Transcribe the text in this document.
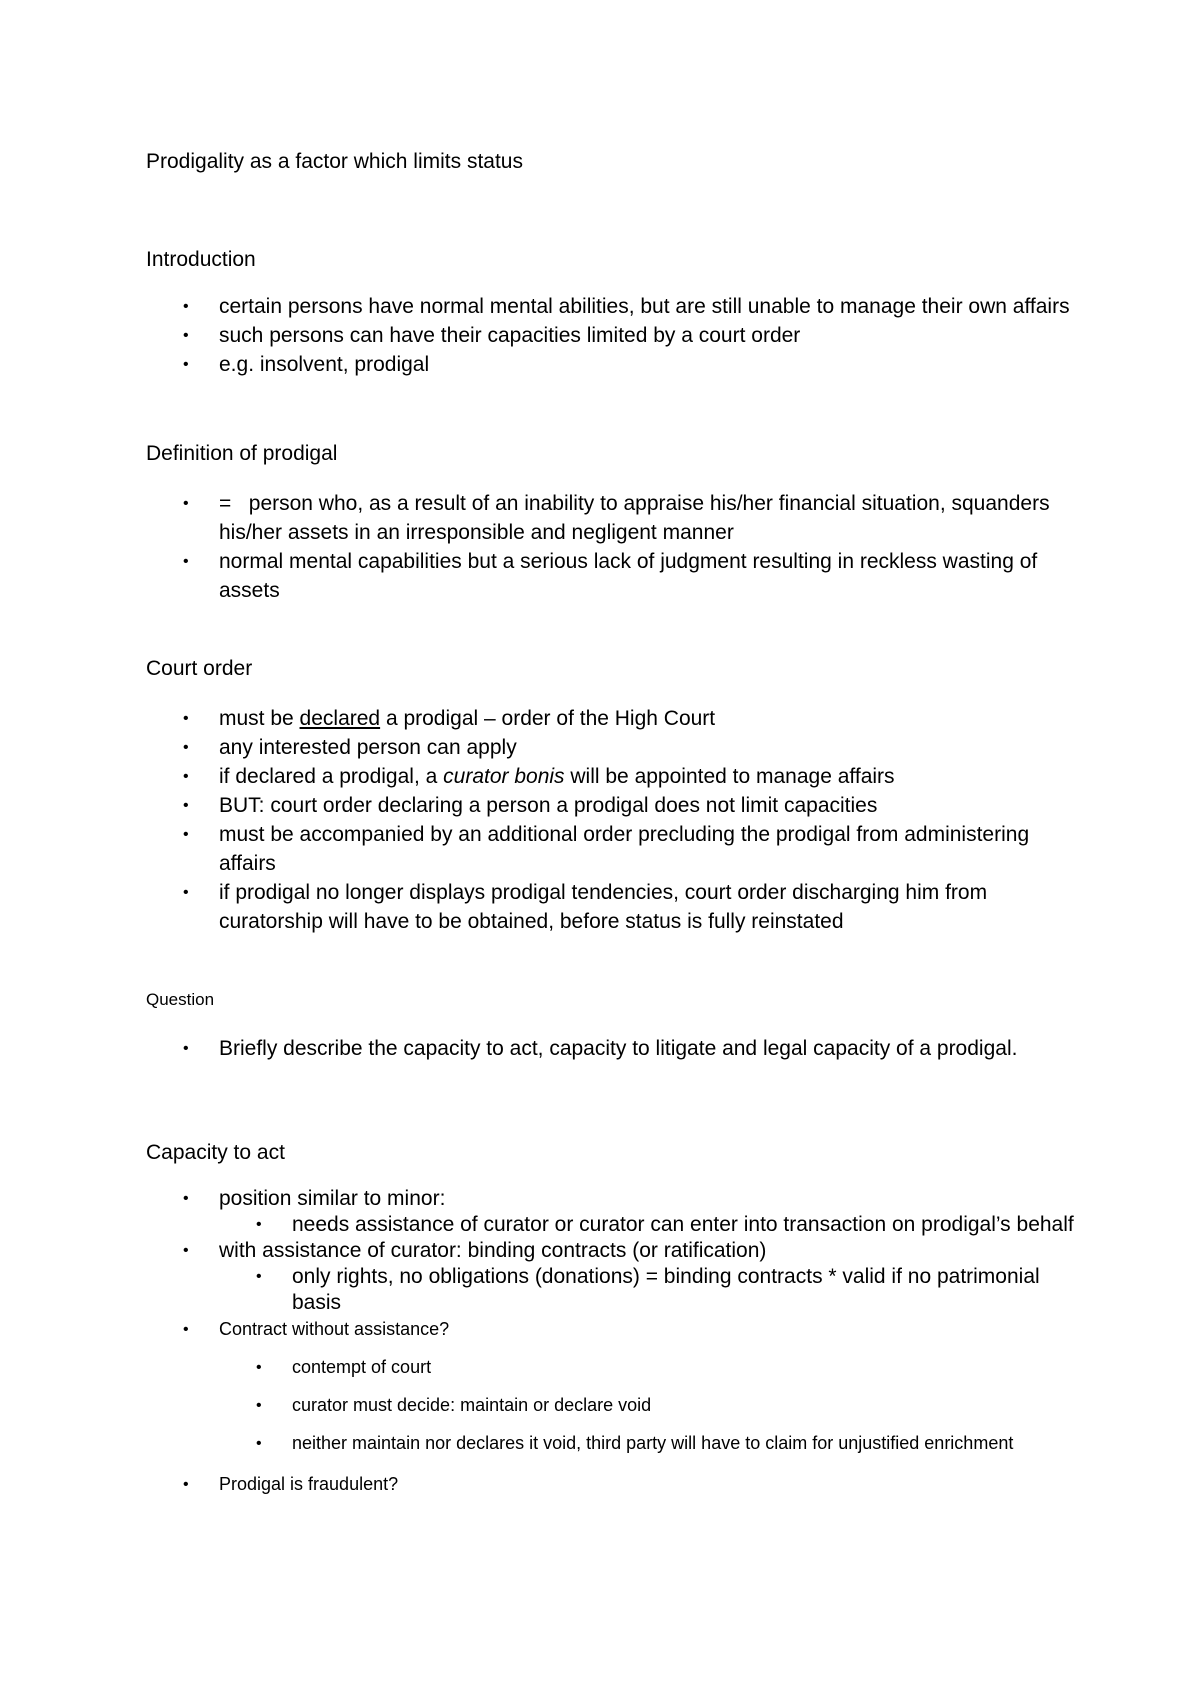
Prodigality as a factor which limits status

Introduction

• certain persons have normal mental abilities, but are still unable to manage their own affairs
• such persons can have their capacities limited by a court order
• e.g. insolvent, prodigal

Definition of prodigal

• =   person who, as a result of an inability to appraise his/her financial situation, squanders his/her assets in an irresponsible and negligent manner
• normal mental capabilities but a serious lack of judgment resulting in reckless wasting of assets

Court order

• must be declared a prodigal – order of the High Court
• any interested person can apply
• if declared a prodigal, a curator bonis will be appointed to manage affairs
• BUT: court order declaring a person a prodigal does not limit capacities
• must be accompanied by an additional order precluding the prodigal from administering affairs
• if prodigal no longer displays prodigal tendencies, court order discharging him from curatorship will have to be obtained, before status is fully reinstated

Question

• Briefly describe the capacity to act, capacity to litigate and legal capacity of a prodigal.

Capacity to act

• position similar to minor:
• needs assistance of curator or curator can enter into transaction on prodigal’s behalf
• with assistance of curator: binding contracts (or ratification)
• only rights, no obligations (donations) = binding contracts * valid if no patrimonial basis
• Contract without assistance?
• contempt of court
• curator must decide: maintain or declare void
• neither maintain nor declares it void, third party will have to claim for unjustified enrichment
• Prodigal is fraudulent?
